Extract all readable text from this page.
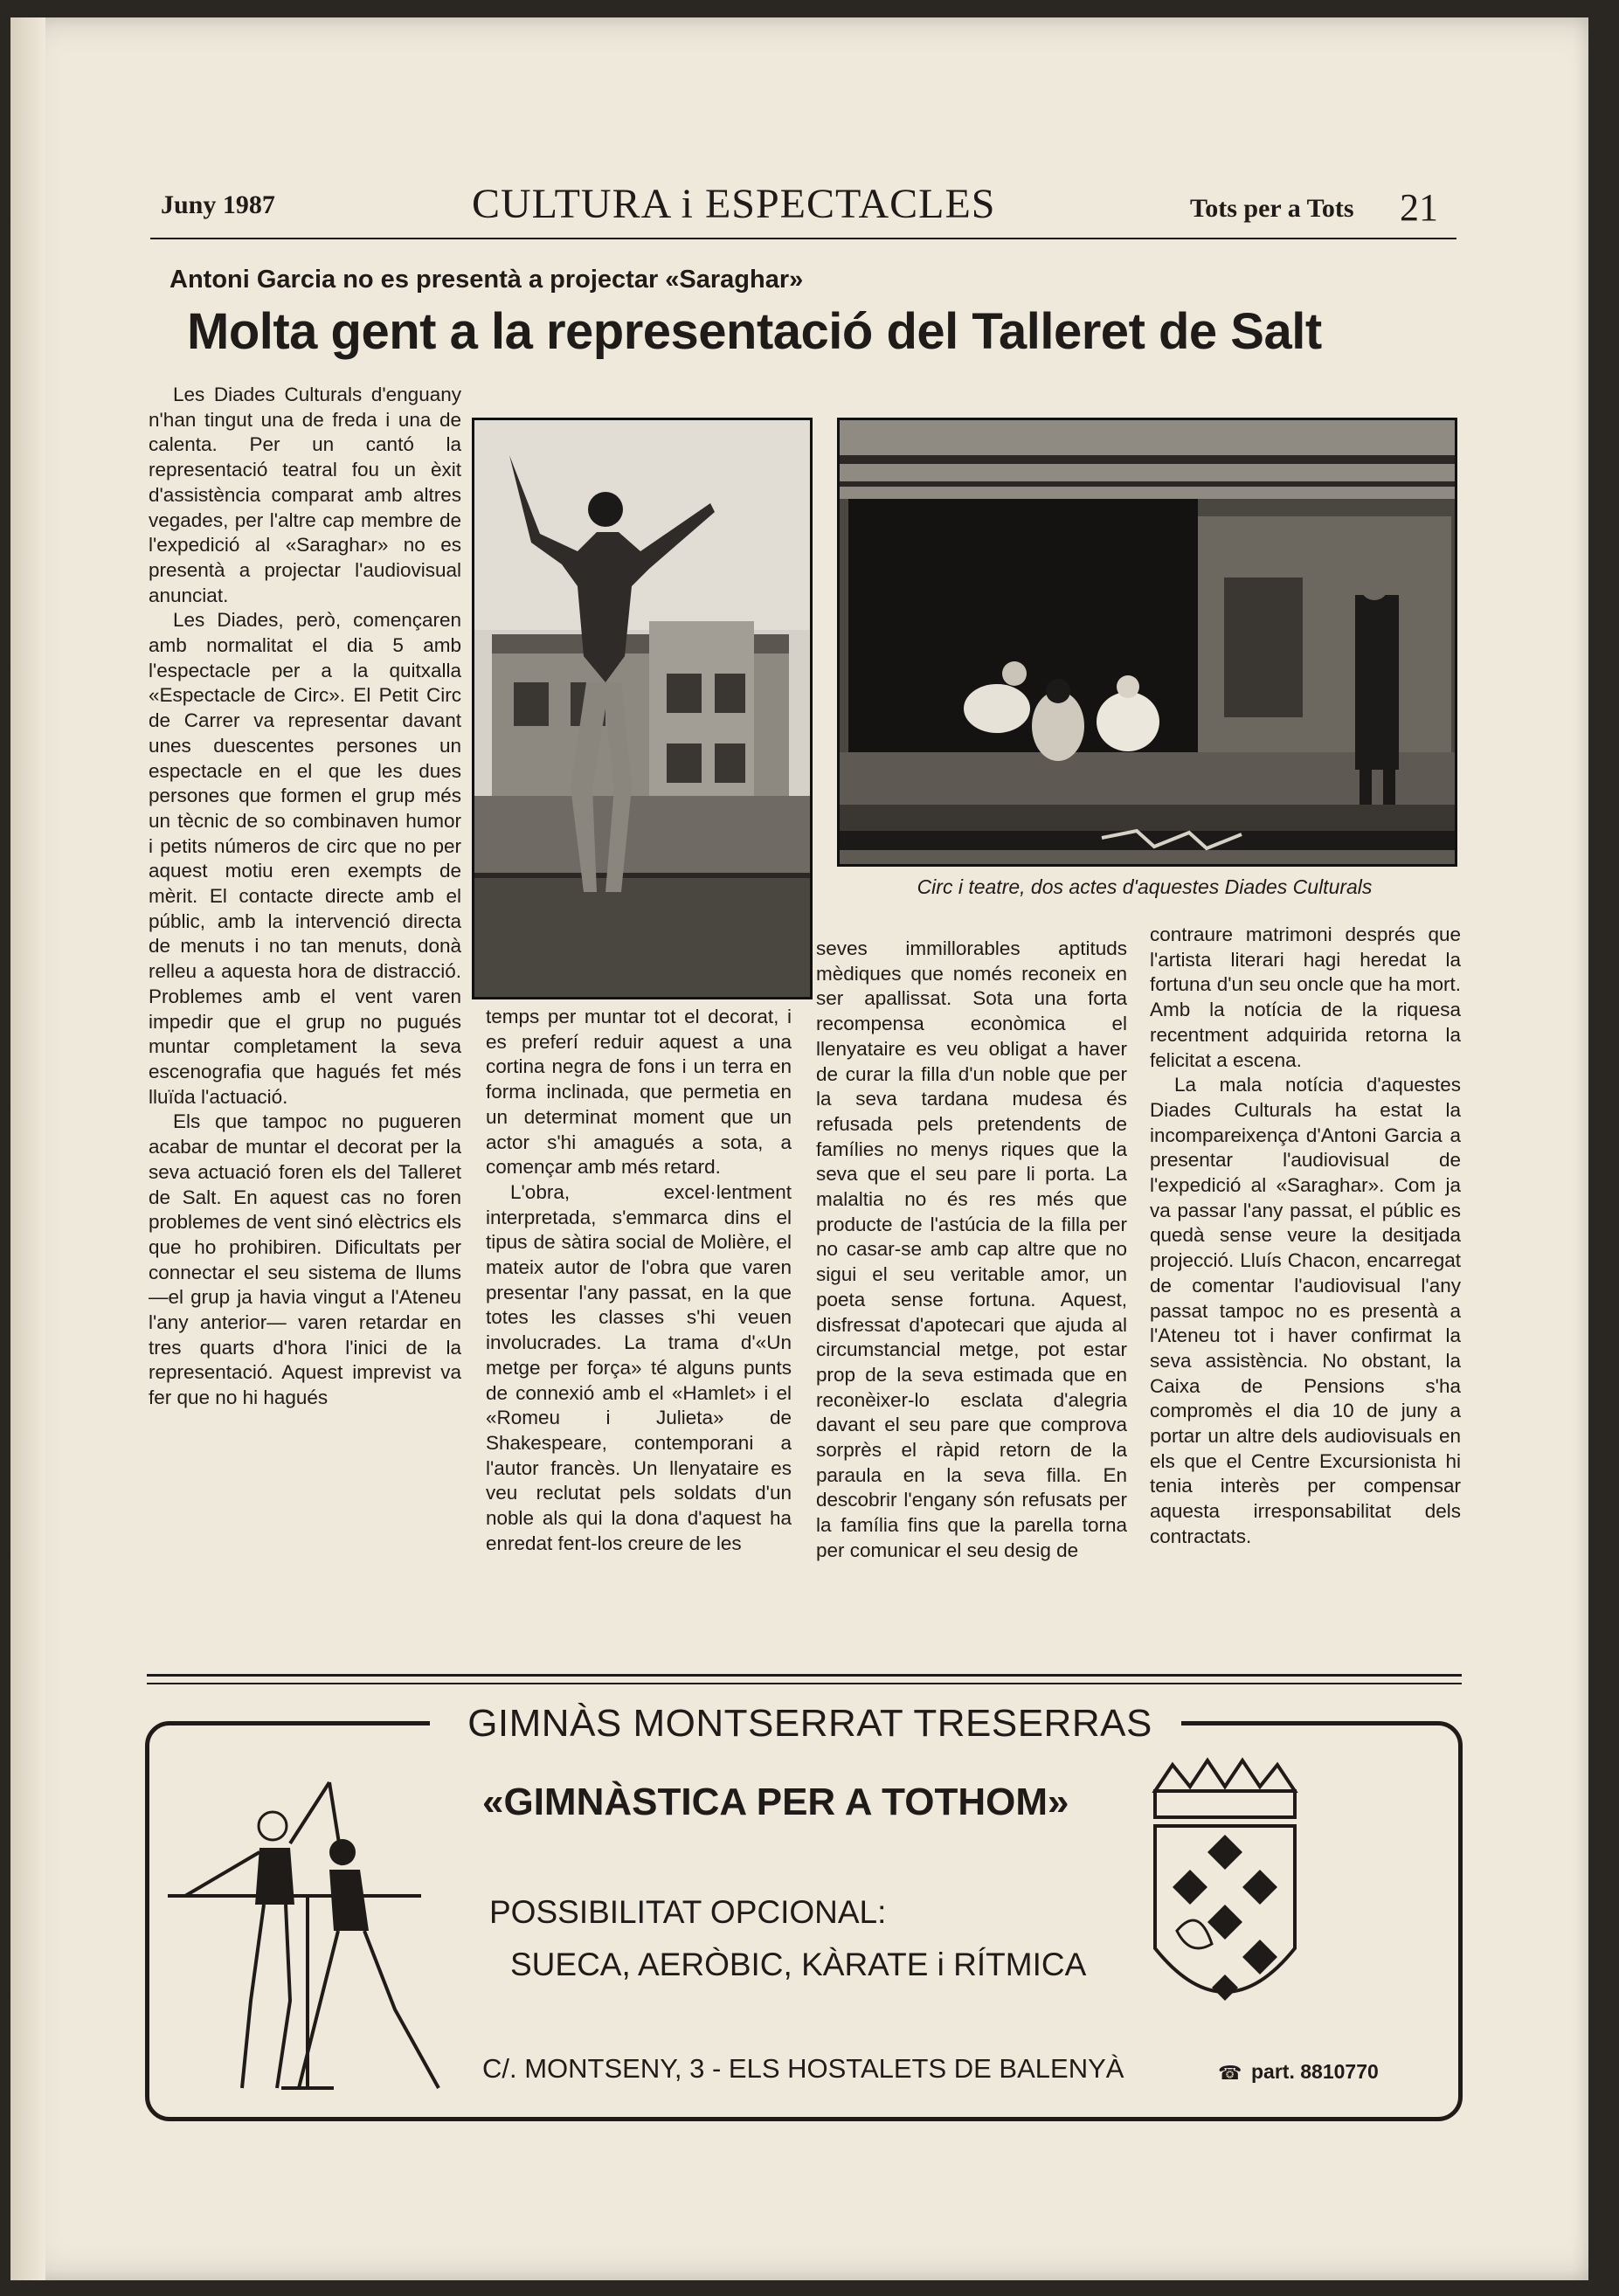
Juny 1987	CULTURA i ESPECTACLES	Tots per a Tots 21
Antoni Garcia no es presentà a projectar «Saraghar»
Molta gent a la representació del Talleret de Salt

Les Diades Culturals d'enguany n'han tingut una de freda i una de calenta. Per un cantó la representació teatral fou un èxit d'assistència comparat amb altres vegades, per l'altre cap membre de l'expedició al «Saraghar» no es presentà a projectar l'audiovisual anunciat.

Les Diades, però, començaren amb normalitat el dia 5 amb l'espectacle per a la quitxalla «Espectacle de Circ». El Petit Circ de Carrer va representar davant unes duescentes persones un espectacle en el que les dues persones que formen el grup més un tècnic de so combinaven humor i petits números de circ que no per aquest motiu eren exempts de mèrit. El contacte directe amb el públic, amb la intervenció directa de menuts i no tan menuts, donà relleu a aquesta hora de distracció. Problemes amb el vent varen impedir que el grup no pugués muntar completament la seva escenografia que hagués fet més lluïda l'actuació.

Els que tampoc no pugueren acabar de muntar el decorat per la seva actuació foren els del Talleret de Salt. En aquest cas no foren problemes de vent sinó elèctrics els que ho prohibiren. Dificultats per connectar el seu sistema de llums —el grup ja havia vingut a l'Ateneu l'any anterior— varen retardar en tres quarts d'hora l'inici de la representació. Aquest imprevist va fer que no hi hagués

Circ i teatre, dos actes d'aquestes Diades Culturals

temps per muntar tot el decorat, i es preferí reduir aquest a una cortina negra de fons i un terra en forma inclinada, que permetia en un determinat moment que un actor s'hi amagués a sota, a començar amb més retard.

L'obra, excel·lentment interpretada, s'emmarca dins el tipus de sàtira social de Molière, el mateix autor de l'obra que varen presentar l'any passat, en la que totes les classes s'hi veuen involucrades. La trama d'«Un metge per força» té alguns punts de connexió amb el «Hamlet» i el «Romeu i Julieta» de Shakespeare, contemporani a l'autor francès. Un llenyataire es veu reclutat pels soldats d'un noble als qui la dona d'aquest ha enredat fent-los creure de les

seves immillorables aptituds mèdiques que només reconeix en ser apallissat. Sota una forta recompensa econòmica el llenyataire es veu obligat a haver de curar la filla d'un noble que per la seva tardana mudesa és refusada pels pretendents de famílies no menys riques que la seva que el seu pare li porta. La malaltia no és res més que producte de l'astúcia de la filla per no casar-se amb cap altre que no sigui el seu veritable amor, un poeta sense fortuna. Aquest, disfressat d'apotecari que ajuda al circumstancial metge, pot estar prop de la seva estimada que en reconèixer-lo esclata d'alegria davant el seu pare que comprova sorprès el ràpid retorn de la paraula en la seva filla. En descobrir l'engany són refusats per la família fins que la parella torna per comunicar el seu desig de

contraure matrimoni després que l'artista literari hagi heredat la fortuna d'un seu oncle que ha mort. Amb la notícia de la riquesa recentment adquirida retorna la felicitat a escena.

La mala notícia d'aquestes Diades Culturals ha estat la incompareixença d'Antoni Garcia a presentar l'audiovisual de l'expedició al «Saraghar». Com ja va passar l'any passat, el públic es quedà sense veure la desitjada projecció. Lluís Chacon, encarregat de comentar l'audiovisual l'any passat tampoc no es presentà a l'Ateneu tot i haver confirmat la seva assistència. No obstant, la Caixa de Pensions s'ha compromès el dia 10 de juny a portar un altre dels audiovisuals en els que el Centre Excursionista hi tenia interès per compensar aquesta irresponsabilitat dels contractats.

GIMNÀS MONTSERRAT TRESERRAS
«GIMNÀSTICA PER A TOTHOM»
POSSIBILITAT OPCIONAL:
SUECA, AERÒBIC, KÀRATE i RÍTMICA
C/. MONTSENY, 3 - ELS HOSTALETS DE BALENYÀ	☎ part. 8810770
